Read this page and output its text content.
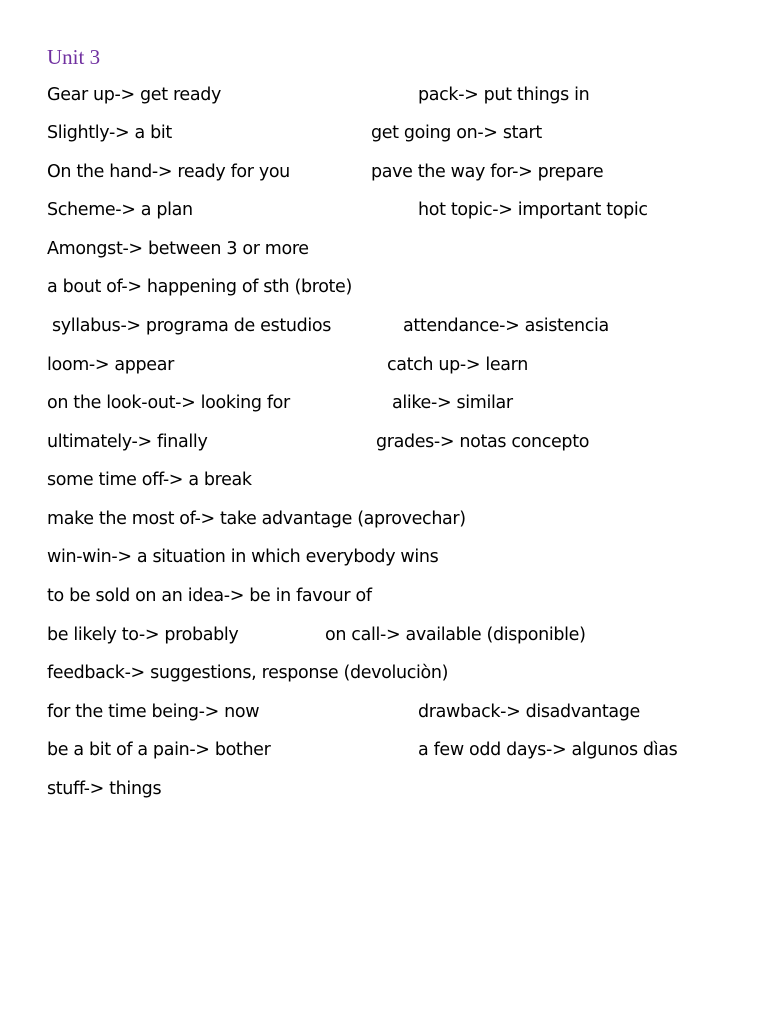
Unit 3
Gear up-> get ready	pack-> put things in
Slightly-> a bit	get going on-> start
On the hand-> ready for you	pave the way for-> prepare
Scheme-> a plan	hot topic-> important topic
Amongst-> between 3 or more
a bout of-> happening of sth (brote)
syllabus-> programa de estudios	attendance-> asistencia
loom-> appear	catch up-> learn
on the look-out-> looking for	alike-> similar
ultimately-> finally	grades-> notas concepto
some time off-> a break
make the most of-> take advantage (aprovechar)
win-win-> a situation in which everybody wins
to be sold on an idea-> be in favour of
be likely to-> probably	on call-> available (disponible)
feedback-> suggestions, response (devoluciòn)
for the time being-> now	drawback-> disadvantage
be a bit of a pain-> bother	a few odd days-> algunos dìas
stuff-> things
